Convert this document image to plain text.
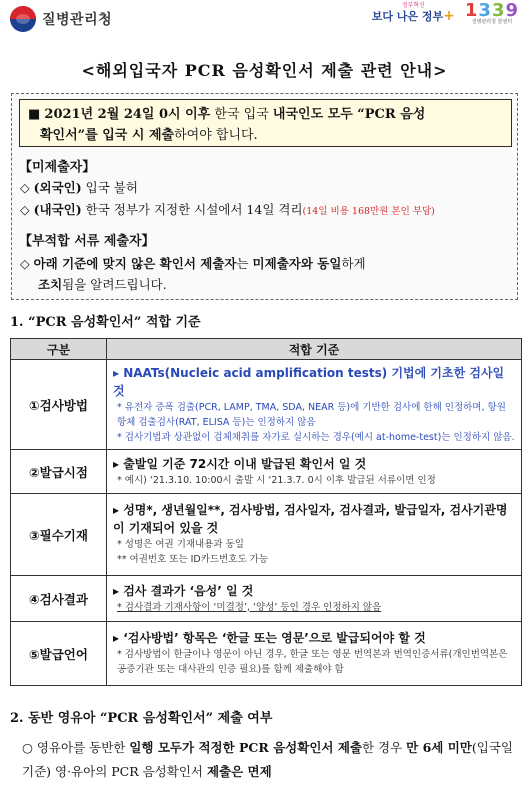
질병관리청
정부혁신
보다 나은 정부+ 1339
질병관리청 콜센터
<해외입국자 PCR 음성확인서 제출 관련 안내>
■ 2021년 2월 24일 0시 이후 한국 입국 내국인도 모두 “PCR 음성
확인서”를 입국 시 제출하여야 합니다.
【미제출자】
◇ (외국인) 입국 불허
◇ (내국인) 한국 정부가 지정한 시설에서 14일 격리(14일 비용 168만원 본인 부담)
【부적합 서류 제출자】
◇ 아래 기준에 맞지 않은 확인서 제출자는 미제출자와 동일하게
조치됨을 알려드립니다.
1. “PCR 음성확인서” 적합 기준
구분	적합 기준
①검사방법	▸ NAATs(Nucleic acid amplification tests) 기법에 기초한 검사일 것
* 유전자 증폭 검출(PCR, LAMP, TMA, SDA, NEAR 등)에 기반한 검사에 한해 인정하며, 항원항체 검출검사(RAT, ELISA 등)는 인정하지 않음
* 검사기법과 상관없이 검체채취를 자가로 실시하는 경우(예시 at-home-test)는 인정하지 않음.

②발급시점	▸ 출발일 기준 72시간 이내 발급된 확인서 일 것
* 예시) ‘21.3.10. 10:00시 출발 시 ‘21.3.7. 0시 이후 발급된 서류이면 인정

③필수기재	▸ 성명*, 생년월일**, 검사방법, 검사일자, 검사결과, 발급일자, 검사기관명이 기재되어 있을 것
* 성명은 여권 기재내용과 동일
** 여권번호 또는 ID카드번호도 가능

④검사결과	▸ 검사 결과가 ‘음성’ 일 것
* 검사결과 기재사항이 ‘미결정’, ‘양성’ 등인 경우 인정하지 않음

⑤발급언어	▸ ‘검사방법’ 항목은 ‘한글 또는 영문’으로 발급되어야 할 것
* 검사방법이 한글이나 영문이 아닌 경우, 한글 또는 영문 번역본과 번역인증서류(개인번역본은 공증기관 또는 대사관의 인증 필요)를 함께 제출해야 함
2. 동반 영유아 “PCR 음성확인서” 제출 여부
○ 영유아를 동반한 일행 모두가 적정한 PCR 음성확인서 제출한 경우 만 6세 미만(입국일 기준) 영·유아의 PCR 음성확인서 제출은 면제
